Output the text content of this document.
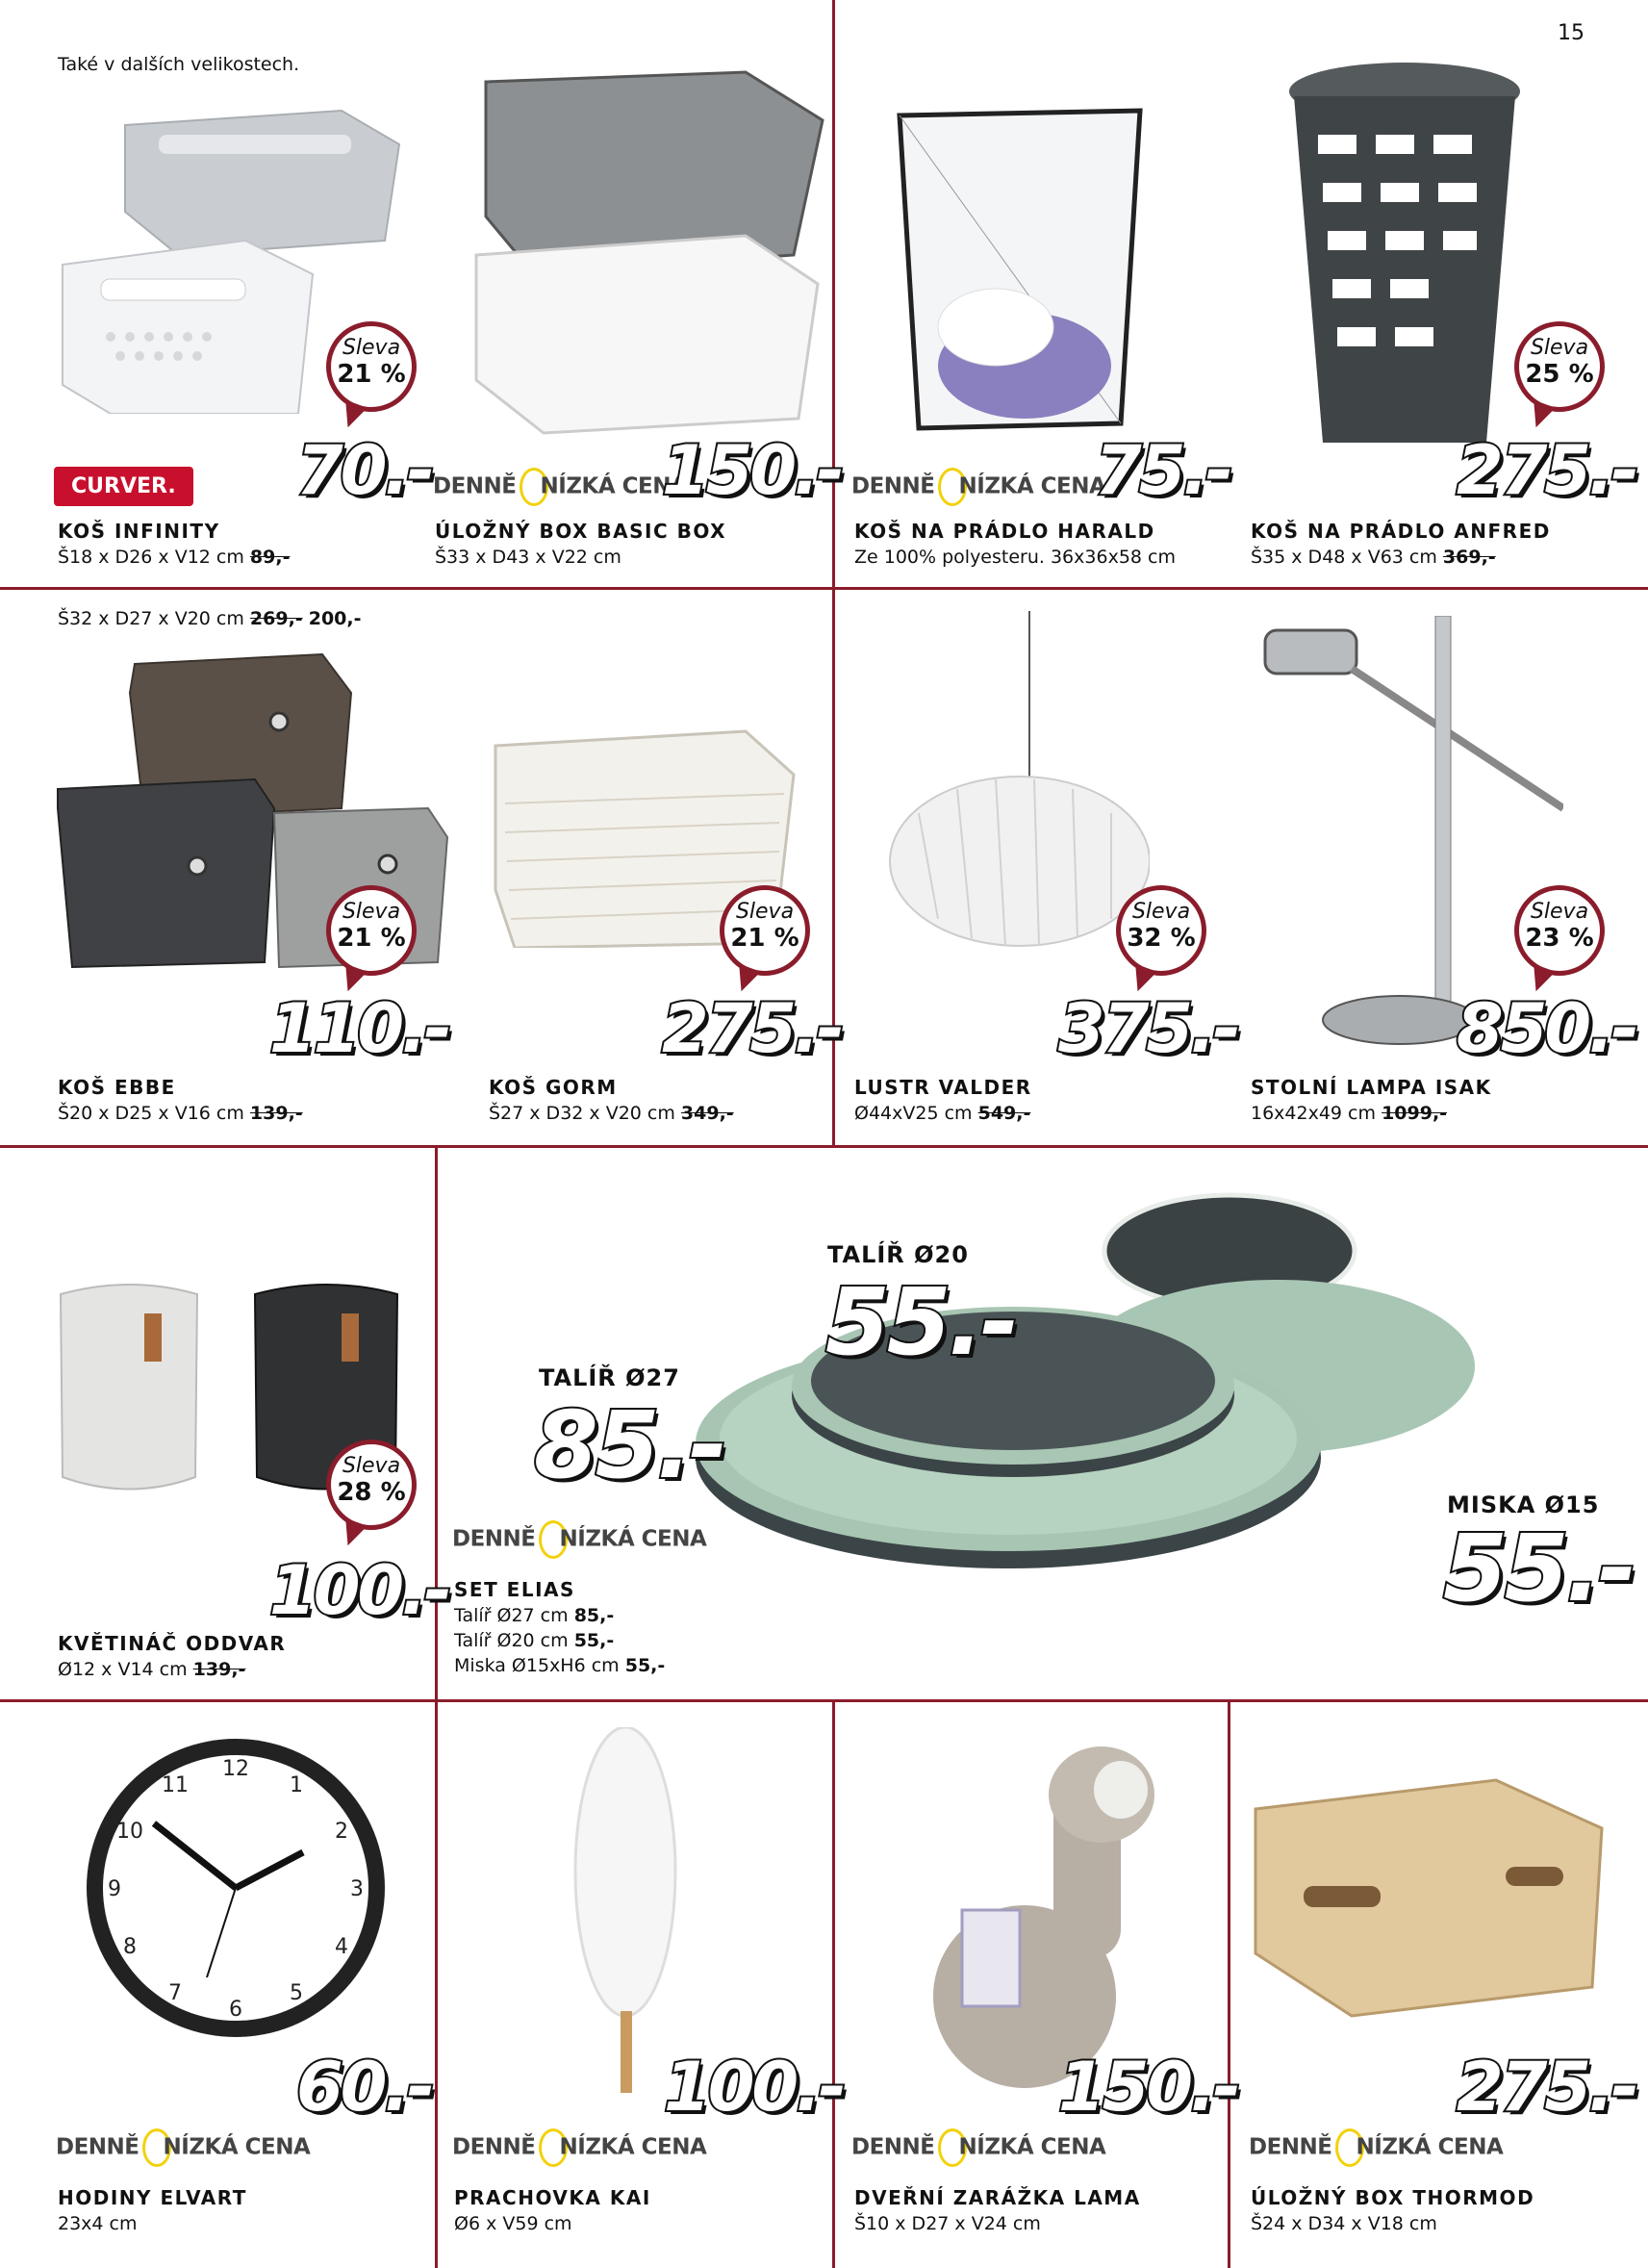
15
Také v dalších velikostech.
Sleva
21 %
CURVER. 70.-
KOŠ INFINITY
Š18 x D26 x V12 cm 89,-
DENNĚ NÍZKÁ CENA
150.-
ÚLOŽNÝ BOX BASIC BOX
Š33 x D43 x V22 cm
DENNĚ NÍZKÁ CENA
75.-
KOŠ NA PRÁDLO HARALD
Ze 100% polyesteru. 36x36x58 cm
Sleva
25 %
275.-
KOŠ NA PRÁDLO ANFRED
Š35 x D48 x V63 cm 369,-
Š32 x D27 x V20 cm 269,- 200,-
Sleva
21 %
110.-
KOŠ EBBE
Š20 x D25 x V16 cm 139,-
Sleva
21 %
275.-
KOŠ GORM
Š27 x D32 x V20 cm 349,-
Sleva
32 %
375.-
LUSTR VALDER
Ø44xV25 cm 549,-
Sleva
23 %
850.-
STOLNÍ LAMPA ISAK
16x42x49 cm 1099,-
Sleva
28 %
100.-
KVĚTINÁČ ODDVAR
Ø12 x V14 cm 139,-
TALÍŘ Ø20
55.-
TALÍŘ Ø27
85.-
MISKA Ø15
55.-
DENNĚ NÍZKÁ CENA
SET ELIAS
Talíř Ø27 cm 85,-
Talíř Ø20 cm 55,-
Miska Ø15xH6 cm 55,-
12
1
2
3
4
5
6
7
8
9
10
11
60.-
DENNĚ NÍZKÁ CENA
HODINY ELVART
23x4 cm
100.-
DENNĚ NÍZKÁ CENA
PRACHOVKA KAI
Ø6 x V59 cm
150.-
DENNĚ NÍZKÁ CENA
DVEŘNÍ ZARÁŽKA LAMA
Š10 x D27 x V24 cm
275.-
DENNĚ NÍZKÁ CENA
ÚLOŽNÝ BOX THORMOD
Š24 x D34 x V18 cm
